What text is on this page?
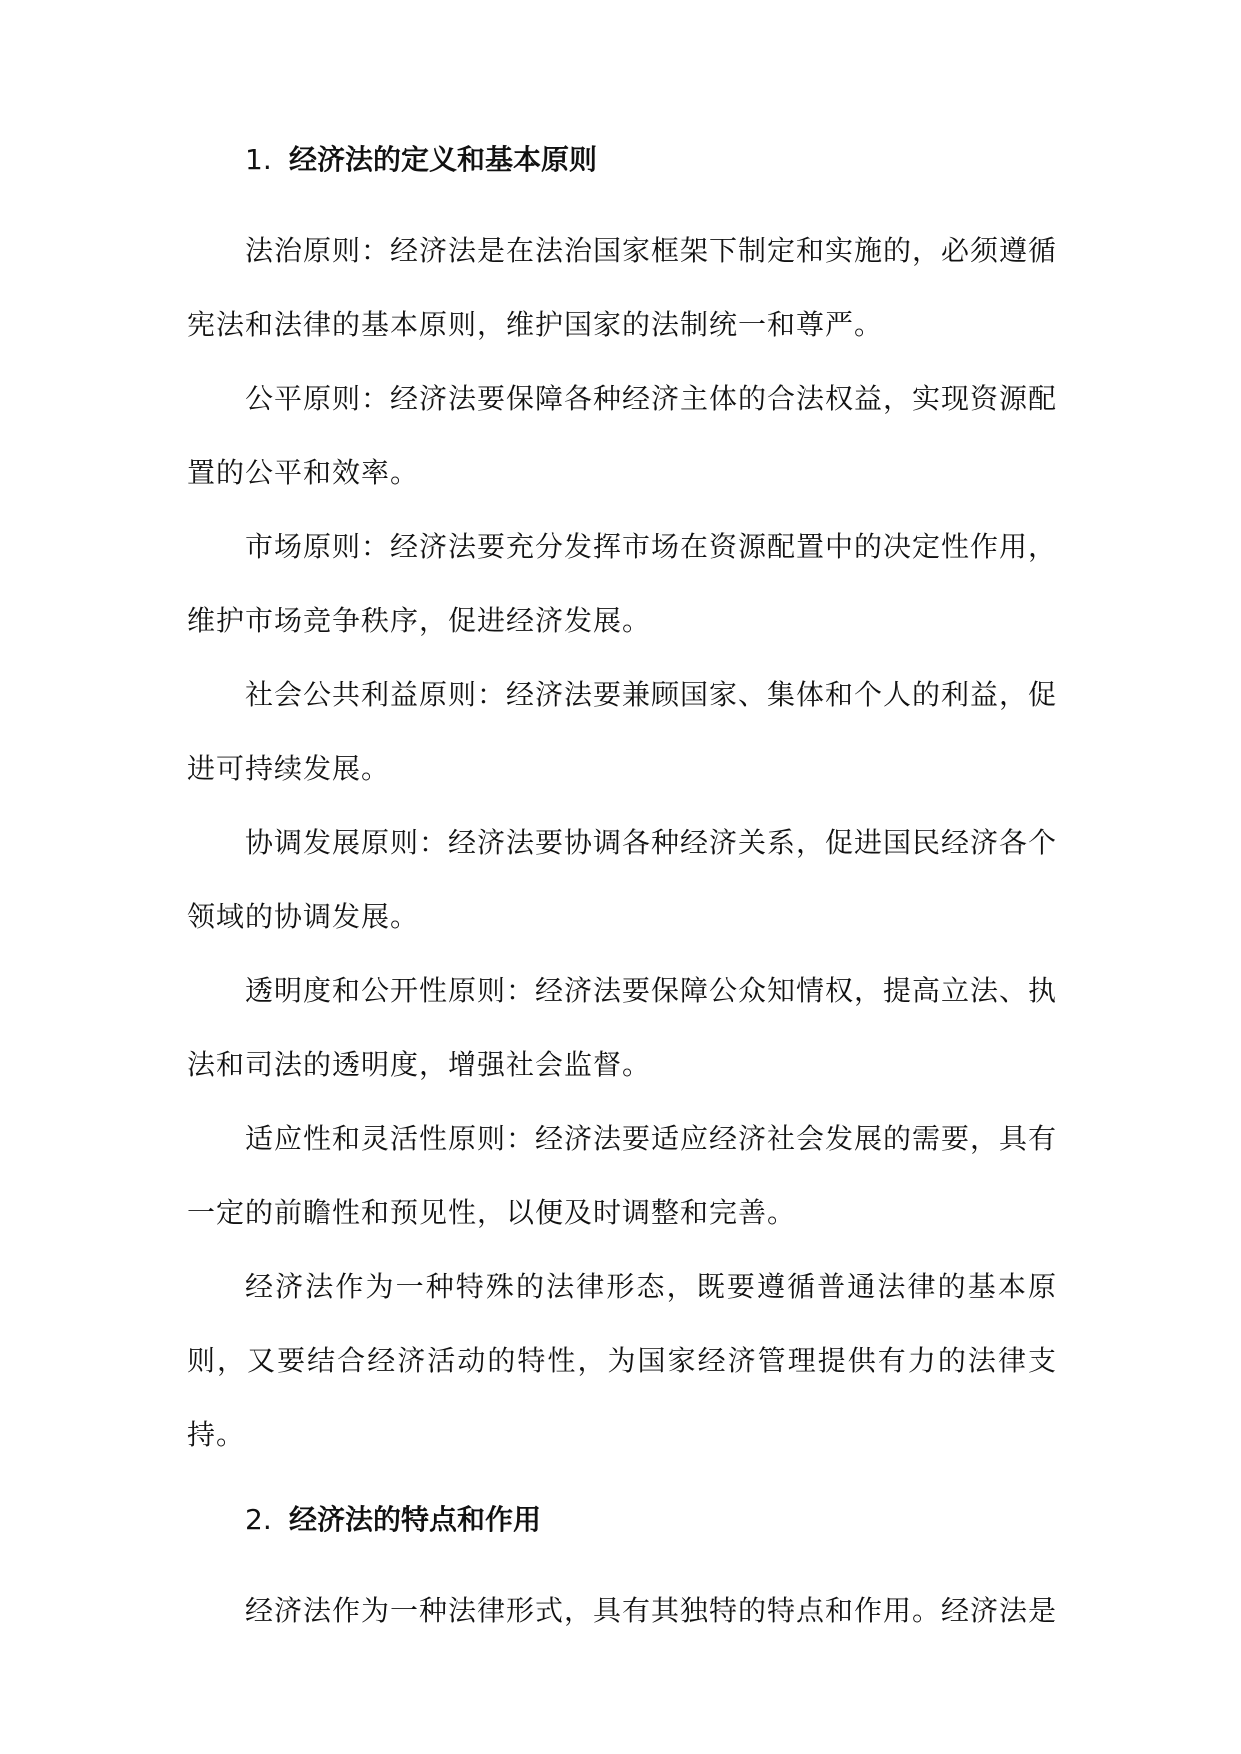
1. 经济法的定义和基本原则

法治原则：经济法是在法治国家框架下制定和实施的，必须遵循宪法和法律的基本原则，维护国家的法制统一和尊严。

公平原则：经济法要保障各种经济主体的合法权益，实现资源配置的公平和效率。

市场原则：经济法要充分发挥市场在资源配置中的决定性作用，维护市场竞争秩序，促进经济发展。

社会公共利益原则：经济法要兼顾国家、集体和个人的利益，促进可持续发展。

协调发展原则：经济法要协调各种经济关系，促进国民经济各个领域的协调发展。

透明度和公开性原则：经济法要保障公众知情权，提高立法、执法和司法的透明度，增强社会监督。

适应性和灵活性原则：经济法要适应经济社会发展的需要，具有一定的前瞻性和预见性，以便及时调整和完善。

经济法作为一种特殊的法律形态，既要遵循普通法律的基本原则，又要结合经济活动的特性，为国家经济管理提供有力的法律支持。

2. 经济法的特点和作用

经济法作为一种法律形式，具有其独特的特点和作用。经济法是
